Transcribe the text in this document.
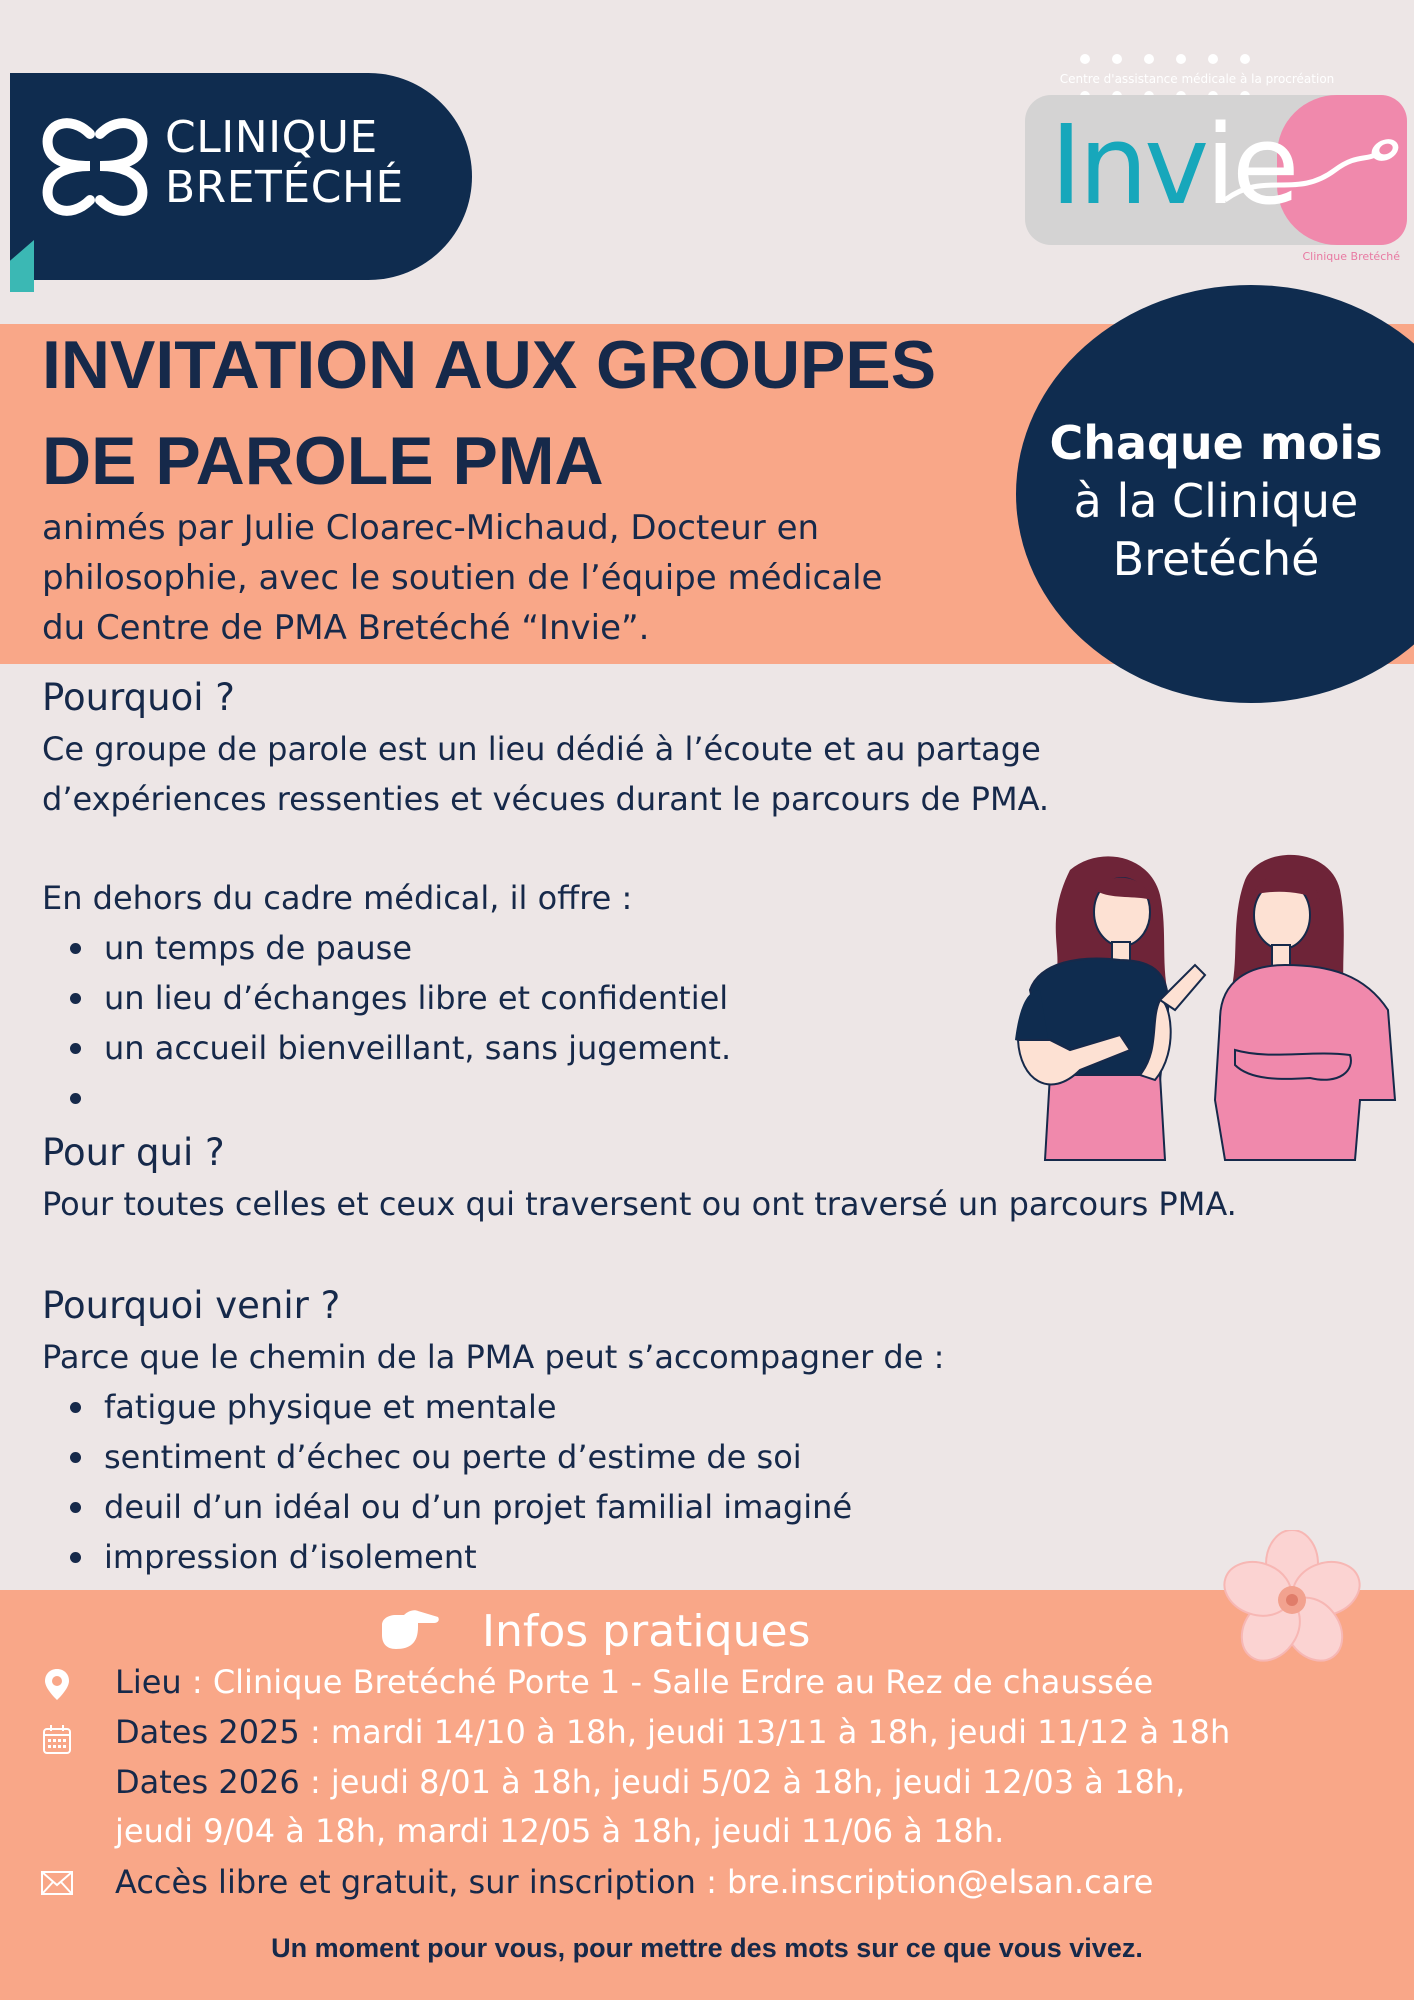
CLINIQUE
BRETÉCHÉ
Centre d'assistance médicale à la procréation
Invie
Clinique Bretéché
INVITATION AUX GROUPES
DE PAROLE PMA
animés par Julie Cloarec-Michaud, Docteur en
philosophie, avec le soutien de l’équipe médicale
du Centre de PMA Bretéché “Invie”.
Chaque mois
à la Clinique
Bretéché
Pourquoi ?
Ce groupe de parole est un lieu dédié à l’écoute et au partage
d’expériences ressenties et vécues durant le parcours de PMA.
En dehors du cadre médical, il offre :
un temps de pause
un lieu d’échanges libre et confidentiel
un accueil bienveillant, sans jugement.
Pour qui ?
Pour toutes celles et ceux qui traversent ou ont traversé un parcours PMA.
Pourquoi venir ?
Parce que le chemin de la PMA peut s’accompagner de :
fatigue physique et mentale
sentiment d’échec ou perte d’estime de soi
deuil d’un idéal ou d’un projet familial imaginé
impression d’isolement
Infos pratiques
Lieu : Clinique Bretéché Porte 1 - Salle Erdre au Rez de chaussée
Dates 2025 : mardi 14/10 à 18h, jeudi 13/11 à 18h, jeudi 11/12 à 18h
Dates 2026 : jeudi 8/01 à 18h, jeudi 5/02 à 18h, jeudi 12/03 à 18h,
jeudi 9/04 à 18h, mardi 12/05 à 18h, jeudi 11/06 à 18h.
Accès libre et gratuit, sur inscription : bre.inscription@elsan.care
Un moment pour vous, pour mettre des mots sur ce que vous vivez.
